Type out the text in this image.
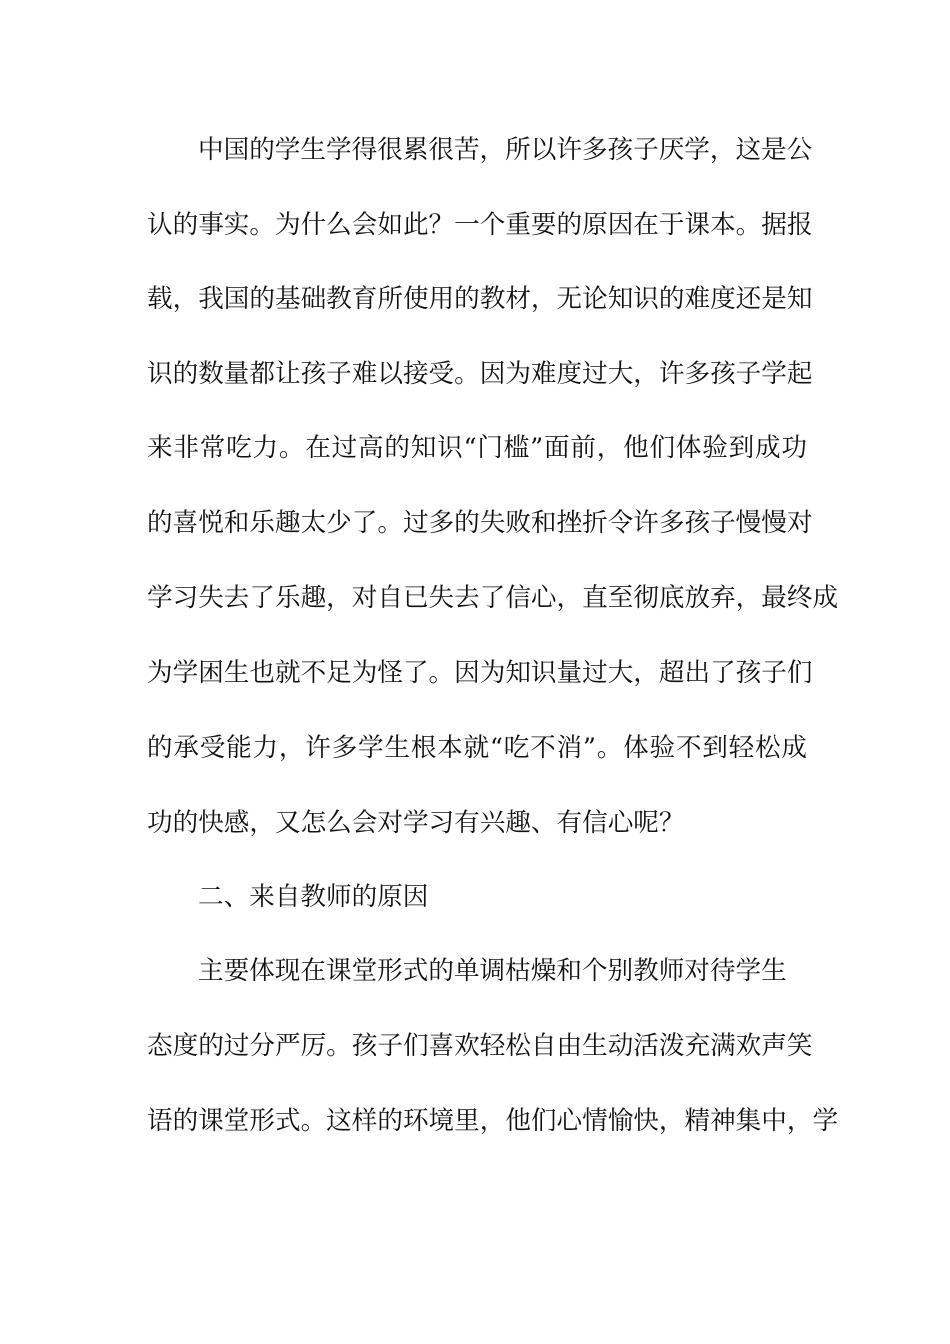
中国的学生学得很累很苦，所以许多孩子厌学，这是公
认的事实。为什么会如此？一个重要的原因在于课本。据报
载，我国的基础教育所使用的教材，无论知识的难度还是知
识的数量都让孩子难以接受。因为难度过大，许多孩子学起
来非常吃力。在过高的知识“门槛”面前，他们体验到成功
的喜悦和乐趣太少了。过多的失败和挫折令许多孩子慢慢对
学习失去了乐趣，对自已失去了信心，直至彻底放弃，最终成
为学困生也就不足为怪了。因为知识量过大，超出了孩子们
的承受能力，许多学生根本就“吃不消”。体验不到轻松成
功的快感，又怎么会对学习有兴趣、有信心呢？
二、来自教师的原因
主要体现在课堂形式的单调枯燥和个别教师对待学生
态度的过分严厉。孩子们喜欢轻松自由生动活泼充满欢声笑
语的课堂形式。这样的环境里，他们心情愉快，精神集中，学
